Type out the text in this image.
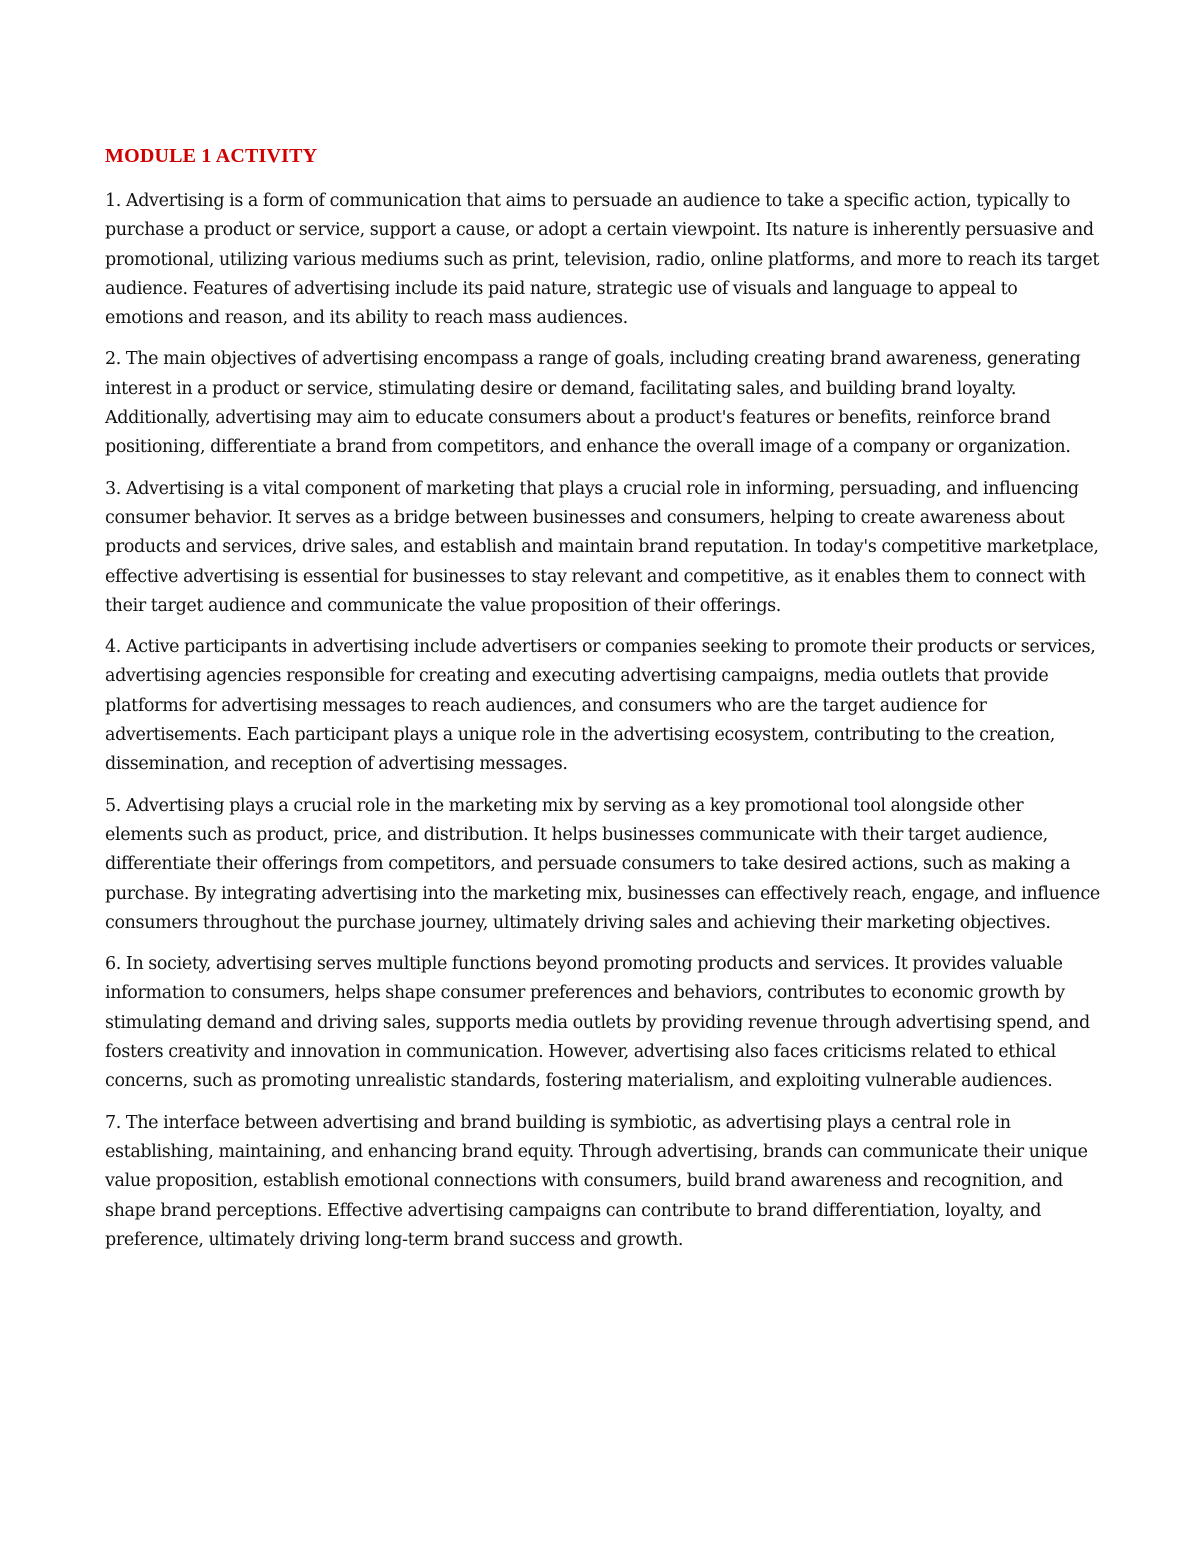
MODULE 1 ACTIVITY

1. Advertising is a form of communication that aims to persuade an audience to take a specific action, typically to purchase a product or service, support a cause, or adopt a certain viewpoint. Its nature is inherently persuasive and promotional, utilizing various mediums such as print, television, radio, online platforms, and more to reach its target audience. Features of advertising include its paid nature, strategic use of visuals and language to appeal to emotions and reason, and its ability to reach mass audiences.

2. The main objectives of advertising encompass a range of goals, including creating brand awareness, generating interest in a product or service, stimulating desire or demand, facilitating sales, and building brand loyalty. Additionally, advertising may aim to educate consumers about a product's features or benefits, reinforce brand positioning, differentiate a brand from competitors, and enhance the overall image of a company or organization.

3. Advertising is a vital component of marketing that plays a crucial role in informing, persuading, and influencing consumer behavior. It serves as a bridge between businesses and consumers, helping to create awareness about products and services, drive sales, and establish and maintain brand reputation. In today's competitive marketplace, effective advertising is essential for businesses to stay relevant and competitive, as it enables them to connect with their target audience and communicate the value proposition of their offerings.

4. Active participants in advertising include advertisers or companies seeking to promote their products or services, advertising agencies responsible for creating and executing advertising campaigns, media outlets that provide platforms for advertising messages to reach audiences, and consumers who are the target audience for advertisements. Each participant plays a unique role in the advertising ecosystem, contributing to the creation, dissemination, and reception of advertising messages.

5. Advertising plays a crucial role in the marketing mix by serving as a key promotional tool alongside other elements such as product, price, and distribution. It helps businesses communicate with their target audience, differentiate their offerings from competitors, and persuade consumers to take desired actions, such as making a purchase. By integrating advertising into the marketing mix, businesses can effectively reach, engage, and influence consumers throughout the purchase journey, ultimately driving sales and achieving their marketing objectives.

6. In society, advertising serves multiple functions beyond promoting products and services. It provides valuable information to consumers, helps shape consumer preferences and behaviors, contributes to economic growth by stimulating demand and driving sales, supports media outlets by providing revenue through advertising spend, and fosters creativity and innovation in communication. However, advertising also faces criticisms related to ethical concerns, such as promoting unrealistic standards, fostering materialism, and exploiting vulnerable audiences.

7. The interface between advertising and brand building is symbiotic, as advertising plays a central role in establishing, maintaining, and enhancing brand equity. Through advertising, brands can communicate their unique value proposition, establish emotional connections with consumers, build brand awareness and recognition, and shape brand perceptions. Effective advertising campaigns can contribute to brand differentiation, loyalty, and preference, ultimately driving long-term brand success and growth.
